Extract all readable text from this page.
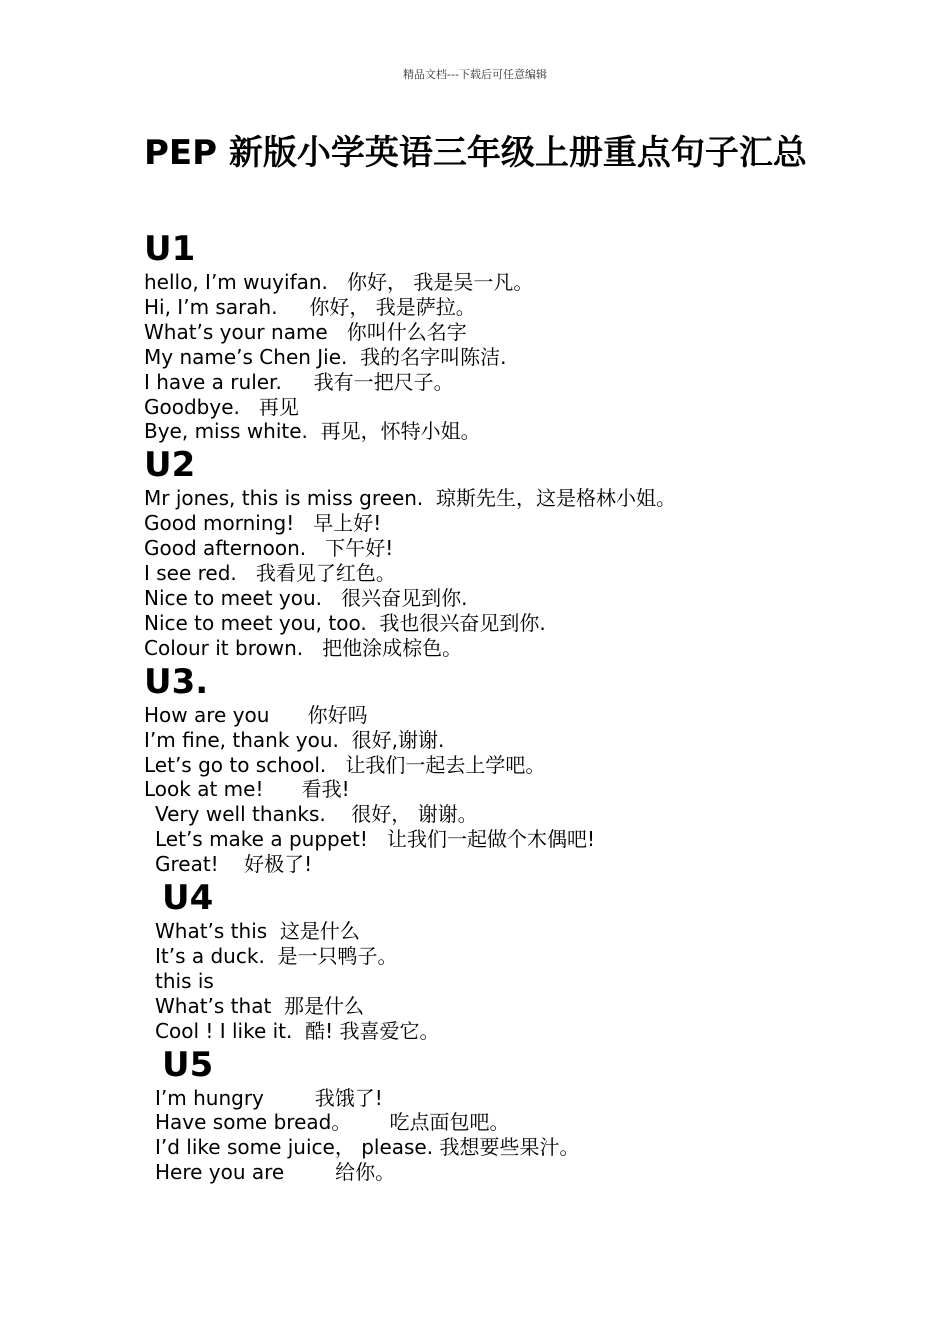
精品文档---下载后可任意编辑
PEP 新版小学英语三年级上册重点句子汇总
U1
hello, I’m wuyifan.   你好， 我是吴一凡。
Hi, I’m sarah.     你好， 我是萨拉。
What’s your name   你叫什么名字
My name’s Chen Jie.  我的名字叫陈洁.
I have a ruler.     我有一把尺子。
Goodbye.   再见
Bye, miss white.  再见，怀特小姐。
U2
Mr jones, this is miss green.  琼斯先生，这是格林小姐。
Good morning!   早上好!
Good afternoon.   下午好!
I see red.   我看见了红色。
Nice to meet you.   很兴奋见到你.
Nice to meet you, too.  我也很兴奋见到你.
Colour it brown.   把他涂成棕色。
U3.
How are you      你好吗
I’m fine, thank you.  很好,谢谢.
Let’s go to school.   让我们一起去上学吧。
Look at me!      看我!
Very well thanks.    很好， 谢谢。
Let’s make a puppet!   让我们一起做个木偶吧!
Great!    好极了!
U4
What’s this  这是什么
It’s a duck.  是一只鸭子。
this is
What’s that  那是什么
Cool ! I like it.  酷! 我喜爱它。
U5
I’m hungry        我饿了!
Have some bread。      吃点面包吧。
I’d like some juice， please. 我想要些果汁。
Here you are        给你。
